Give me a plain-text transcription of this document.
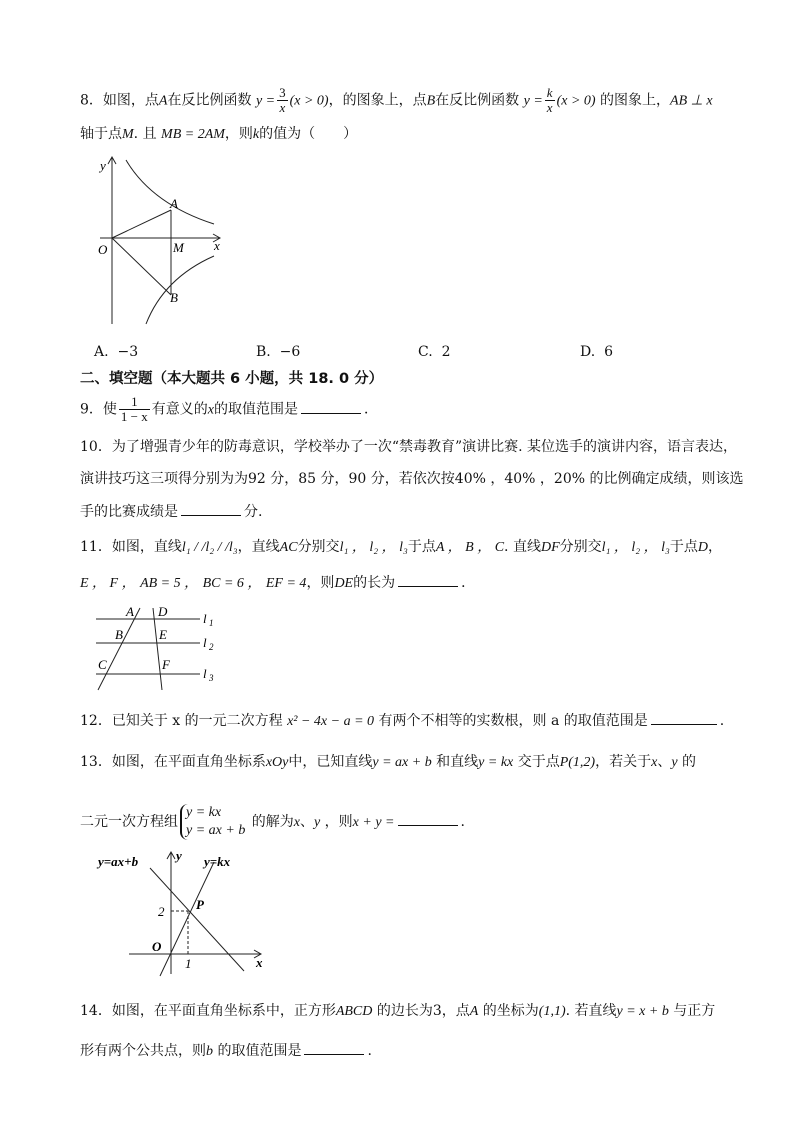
8．如图，点A在反比例函数 $y = \frac{3}{x} (x > 0)$，的图象上，点B在反比例函数 $y = \frac{k}{x} (x > 0)$ 的图象上，AB ⊥ x
轴于点M. 且 MB = 2AM，则k的值为（　　）
y
x
O
A
M
B
A. −3	B. −6	C. 2	D. 6
二、填空题（本大题共 6 小题，共 18. 0 分）
9．使 $\frac{1}{1 - x}$ 有意义的x的取值范围是	．
10．为了增强青少年的防毒意识，学校举办了一次“禁毒教育”演讲比赛. 某位选手的演讲内容，语言表达，
演讲技巧这三项得分别为为92 分，85 分，90 分，若依次按40% ，40% ，20% 的比例确定成绩，则该选
手的比赛成绩是	分.
11．如图，直线l₁ / /l₂ / /l₃，直线AC分别交l₁ ， l₂ ， l₃于点A ， B ， C. 直线DF分别交l₁ ， l₂ ， l₃于点D，
E ， F ， AB = 5 ， BC = 6 ， EF = 4，则DE的长为	．
A D
B	E
C	F
l 1
l 2
l 3
12．已知关于 x 的一元二次方程 x² − 4x − a = 0 有两个不相等的实数根，则 a 的取值范围是	.
13．如图，在平面直角坐标系xOy中，已知直线y = ax + b 和直线y = kx 交于点P(1,2)，若关于x、y 的
二元一次方程组
y = kx
y = ax + b
的解为x、y ，则x + y =	.
y=ax+b	y=kx
y
x
P
O
2
1
14．如图，在平面直角坐标系中，正方形ABCD 的边长为3，点A 的坐标为(1,1). 若直线y = x + b 与正方
形有两个公共点，则b 的取值范围是	.
